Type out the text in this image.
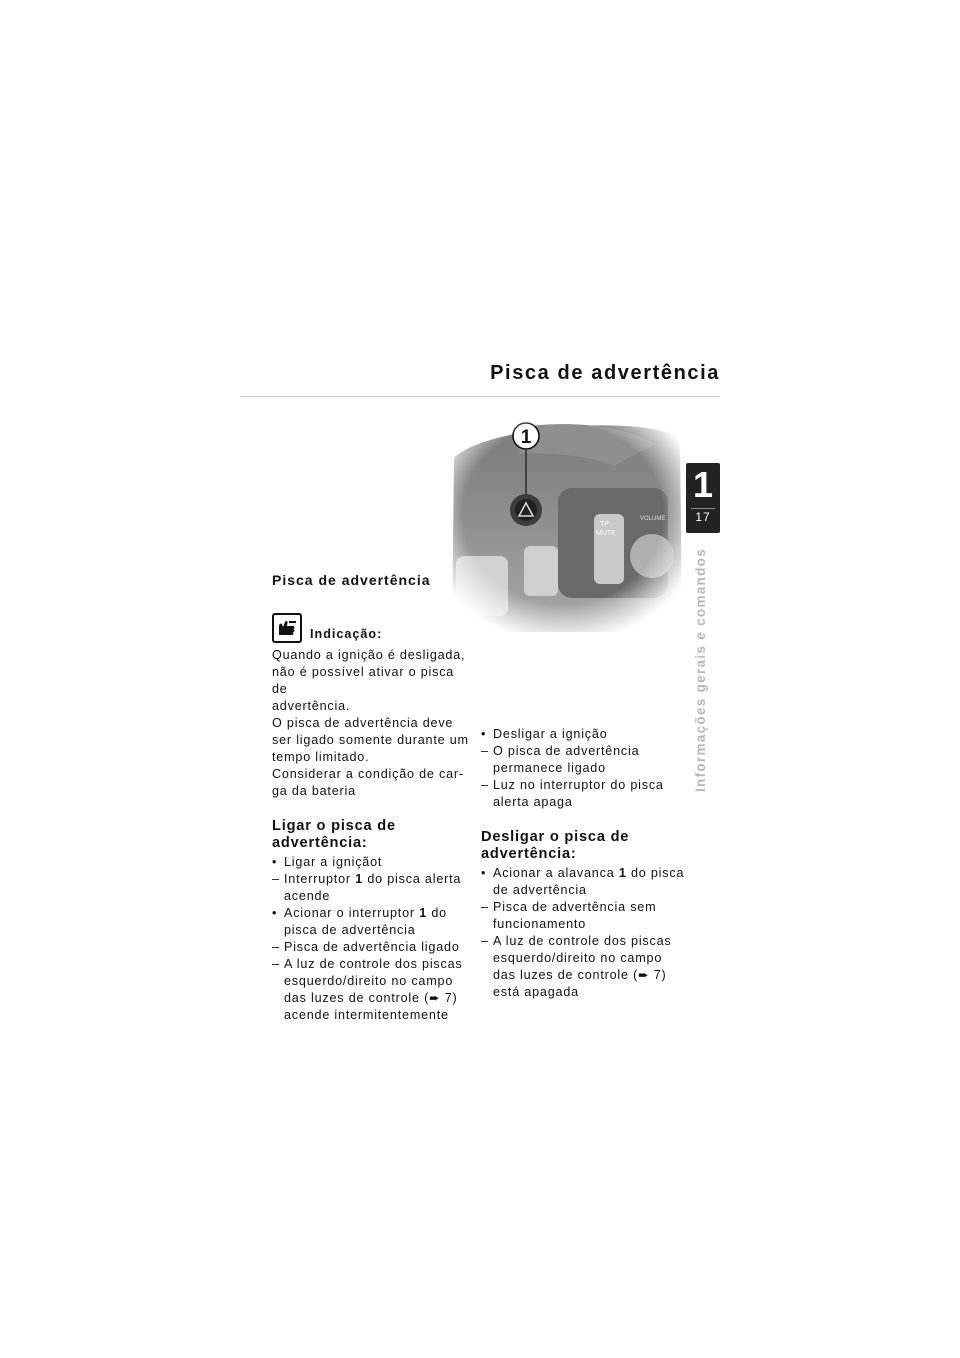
Pisca de advertência
1
17
Informações gerais e comandos
Pisca de advertência
Indicação:
Quando a ignição é desligada,
não é possível ativar o pisca de
advertência.
O pisca de advertência deve
ser ligado somente durante um
tempo limitado.
Considerar a condição de car-
ga da bateria
Ligar o pisca de
advertência:
• Ligar a igniçãot
– Interruptor 1 do pisca alerta
acende
• Acionar o interruptor 1 do
pisca de advertência
– Pisca de advertência ligado
– A luz de controle dos piscas
esquerdo/direito no campo
das luzes de controle (➨ 7)
acende intermitentemente
• Desligar a ignição
– O pisca de advertência
permanece ligado
– Luz no interruptor do pisca
alerta apaga
Desligar o pisca de
advertência:
• Acionar a alavanca 1 do pisca
de advertência
– Pisca de advertência sem
funcionamento
– A luz de controle dos piscas
esquerdo/direito no campo
das luzes de controle (➨ 7)
está apagada
